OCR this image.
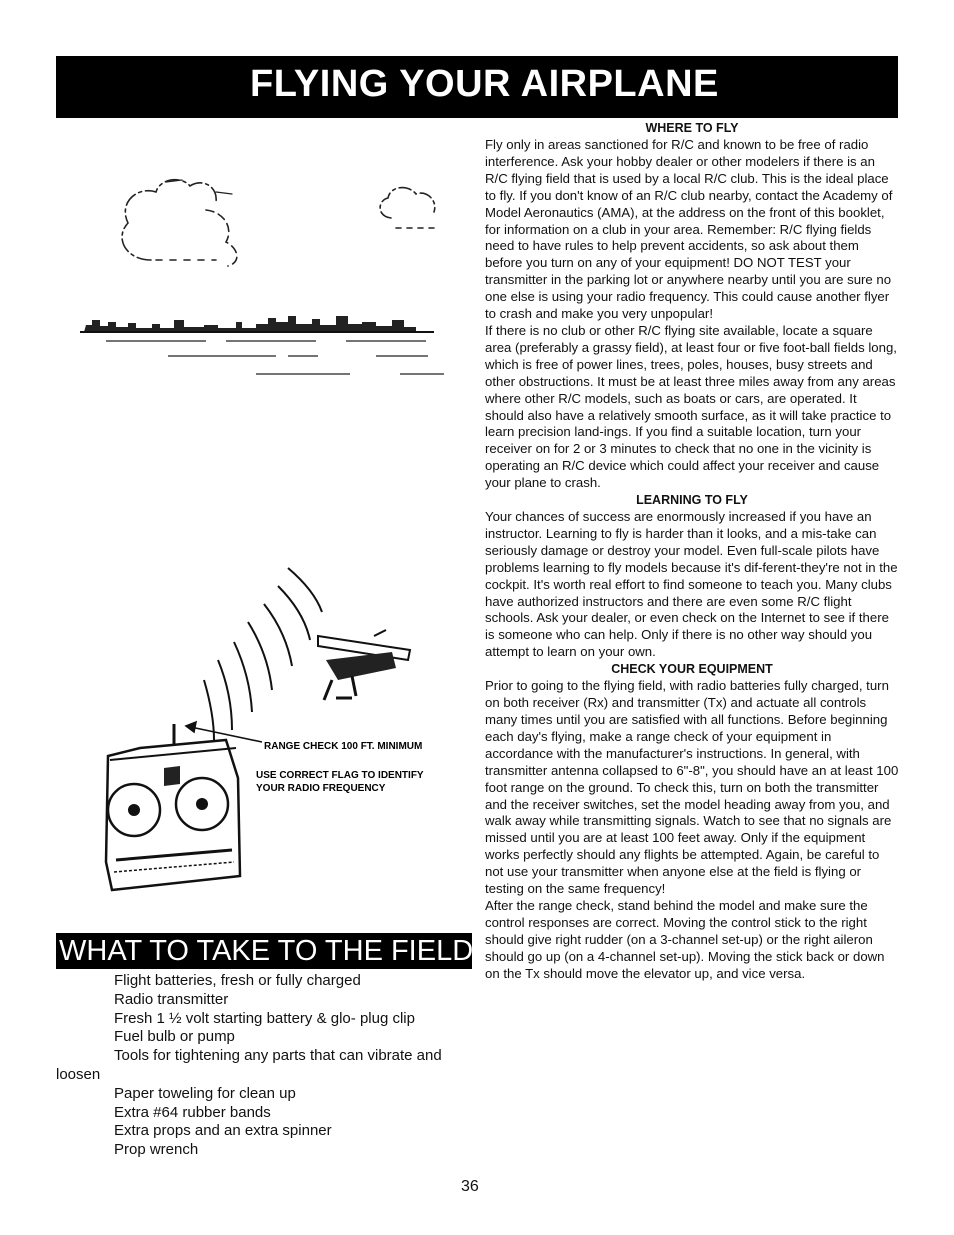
FLYING YOUR AIRPLANE
RANGE CHECK 100 FT. MINIMUM
USE CORRECT FLAG TO IDENTIFY
YOUR RADIO FREQUENCY
WHERE TO FLY

Fly only in areas sanctioned for R/C and known to be free of radio interference. Ask your hobby dealer or other modelers if there is an R/C flying field that is used by a local R/C club. This is the ideal place to fly. If you don't know of an R/C club nearby, contact the Academy of Model Aeronautics (AMA), at the address on the front of this booklet, for information on a club in your area. Remember: R/C flying fields need to have rules to help prevent accidents, so ask about them before you turn on any of your equipment! DO NOT TEST your transmitter in the parking lot or anywhere nearby until you are sure no one else is using your radio frequency. This could cause another flyer to crash and make you very unpopular!

If there is no club or other R/C flying site available, locate a square area (preferably a grassy field), at least four or five foot-ball fields long, which is free of power lines, trees, poles, houses, busy streets and other obstructions. It must be at least three miles away from any areas where other R/C models, such as boats or cars, are operated. It should also have a relatively smooth surface, as it will take practice to learn precision land-ings. If you find a suitable location, turn your receiver on for 2 or 3 minutes to check that no one in the vicinity is operating an R/C device which could affect your receiver and cause your plane to crash.

LEARNING TO FLY

Your chances of success are enormously increased if you have an instructor. Learning to fly is harder than it looks, and a mis-take can seriously damage or destroy your model. Even full-scale pilots have problems learning to fly models because it's dif-ferent-they're not in the cockpit. It's worth real effort to find someone to teach you. Many clubs have authorized instructors and there are even some R/C flight schools. Ask your dealer, or even check on the Internet to see if there is someone who can help. Only if there is no other way should you attempt to learn on your own.

CHECK YOUR EQUIPMENT

Prior to going to the flying field, with radio batteries fully charged, turn on both receiver (Rx) and transmitter (Tx) and actuate all controls many times until you are satisfied with all functions. Before beginning each day's flying, make a range check of your equipment in accordance with the manufacturer's instructions. In general, with transmitter antenna collapsed to 6"-8", you should have an at least 100 foot range on the ground. To check this, turn on both the transmitter and the receiver switches, set the model heading away from you, and walk away while transmitting signals. Watch to see that no signals are missed until you are at least 100 feet away. Only if the equipment works perfectly should any flights be attempted. Again, be careful to not use your transmitter when anyone else at the field is flying or testing on the same frequency!

After the range check, stand behind the model and make sure the control responses are correct. Moving the control stick to the right should give right rudder (on a 3-channel set-up) or the right aileron should go up (on a 4-channel set-up). Moving the stick back or down on the Tx should move the elevator up, and vice versa.

WHAT TO TAKE TO THE FIELD
Flight batteries, fresh or fully charged
Radio transmitter
Fresh 1 ½ volt starting battery & glo- plug clip
Fuel bulb or pump
Tools for tightening any parts that can vibrate and loosen
Paper toweling for clean up
Extra #64 rubber bands
Extra props and an extra spinner
Prop wrench
36
